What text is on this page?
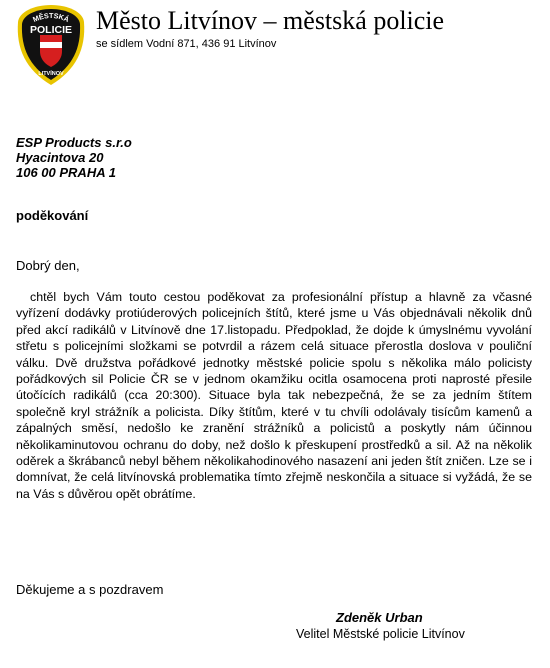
MĚSTSKÁ
POLICIE
LITVÍNOV
Město Litvínov – městská policie

se sídlem Vodní 871, 436 91 Litvínov

ESP Products s.r.o
Hyacintova 20
106 00 PRAHA 1
poděkování
Dobrý den,

chtěl bych Vám touto cestou poděkovat za profesionální přístup a hlavně za včasné vyřízení dodávky protiúderových policejních štítů, které jsme u Vás objednávali několik dnů před akcí radikálů v Litvínově dne 17.listopadu. Předpoklad, že dojde k úmyslnému vyvolání střetu s policejními složkami se potvrdil a rázem celá situace přerostla doslova v pouliční válku. Dvě družstva pořádkové jednotky městské policie spolu s několika málo policisty pořádkových sil Policie ČR se v jednom okamžiku ocitla osamocena proti naprosté přesile útočících radikálů (cca 20:300). Situace byla tak nebezpečná, že se za jedním štítem společně kryl strážník a policista. Díky štítům, které v tu chvíli odolávaly tisícům kamenů a zápalných směsí, nedošlo ke zranění strážníků a policistů a poskytly nám účinnou několikaminutovou ochranu do doby, než došlo k přeskupení prostředků a sil. Až na několik oděrek a škrábanců nebyl během několikahodinového nasazení ani jeden štít zničen. Lze se i domnívat, že celá litvínovská problematika tímto zřejmě neskončila a situace si vyžádá, že se na Vás s důvěrou opět obrátíme.

Děkujeme a s pozdravem
Zdeněk Urban
Velitel Městské policie Litvínov
